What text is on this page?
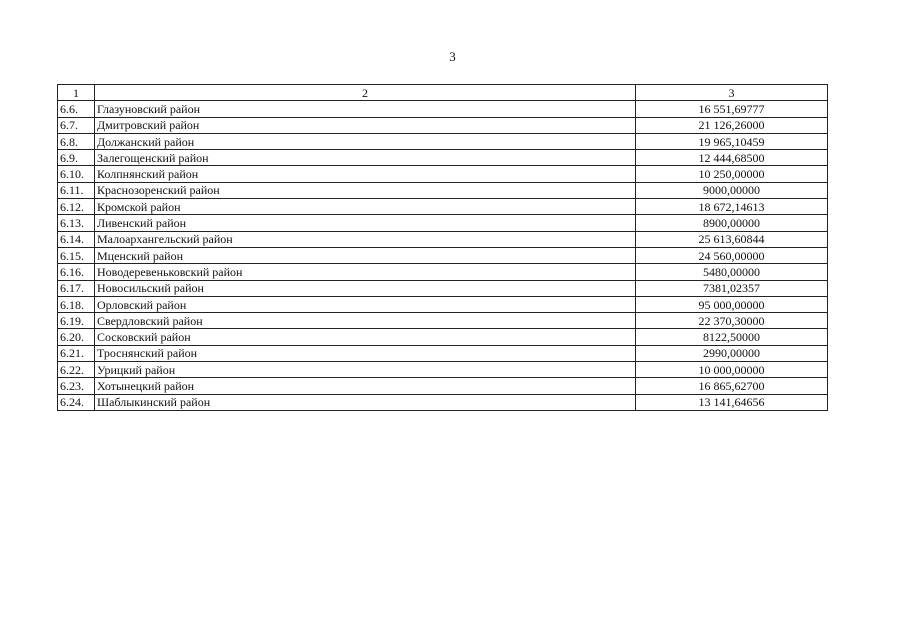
3
1	2	3
6.6.	Глазуновский район	16 551,69777
6.7.	Дмитровский район	21 126,26000
6.8.	Должанский район	19 965,10459
6.9.	Залегощенский район	12 444,68500
6.10.	Колпнянский район	10 250,00000
6.11.	Краснозоренский район	9000,00000
6.12.	Кромской район	18 672,14613
6.13.	Ливенский район	8900,00000
6.14.	Малоархангельский район	25 613,60844
6.15.	Мценский район	24 560,00000
6.16.	Новодеревеньковский район	5480,00000
6.17.	Новосильский район	7381,02357
6.18.	Орловский район	95 000,00000
6.19.	Свердловский район	22 370,30000
6.20.	Сосковский район	8122,50000
6.21.	Троснянский район	2990,00000
6.22.	Урицкий район	10 000,00000
6.23.	Хотынецкий район	16 865,62700
6.24.	Шаблыкинский район	13 141,64656
